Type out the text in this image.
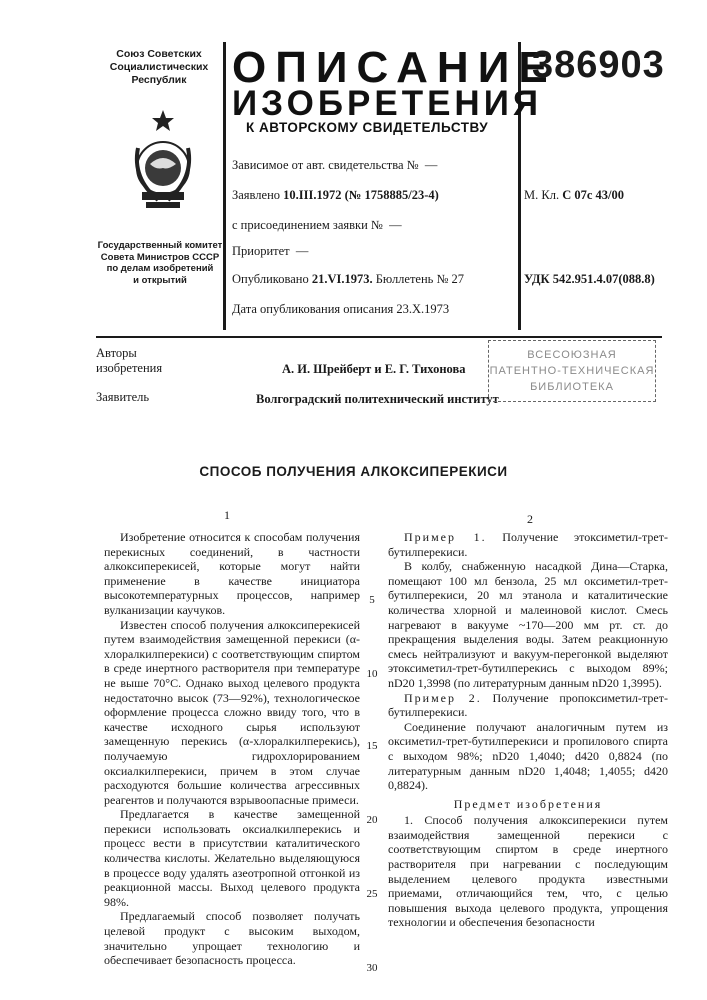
Союз Советских
Социалистических
Республик
Государственный комитет
Совета Министров СССР
по делам изобретений
и открытий
ОПИСАНИЕ
ИЗОБРЕТЕНИЯ
К АВТОРСКОМУ СВИДЕТЕЛЬСТВУ
386903
Зависимое от авт. свидетельства № —
Заявлено 10.III.1972 (№ 1758885/23-4)
с присоединением заявки № —
Приоритет —
Опубликовано 21.VI.1973. Бюллетень № 27
Дата опубликования описания 23.X.1973
М. Кл. С 07с 43/00
УДК 542.951.4.07(088.8)
Авторы
изобретения	А. И. Шрейберт и Е. Г. Тихонова
Заявитель	Волгоградский политехнический институт
ВСЕСОЮЗНАЯ
ПАТЕНТНО-ТЕХНИЧЕСКАЯ
БИБЛИОТЕКА
СПОСОБ ПОЛУЧЕНИЯ АЛКОКСИПЕРЕКИСИ
1	2

Изобретение относится к способам получения перекисных соединений, в частности алкоксиперекисей, которые могут найти применение в качестве инициатора высокотемпературных процессов, например вулканизации каучуков.

Известен способ получения алкоксиперекисей путем взаимодействия замещенной перекиси (α-хлоралкилперекиси) с соответствующим спиртом в среде инертного растворителя при температуре не выше 70°С. Однако выход целевого продукта недостаточно высок (73—92%), технологическое оформление процесса сложно ввиду того, что в качестве исходного сырья используют замещенную перекись (α-хлоралкилперекись), получаемую гидрохлорированием оксиалкилперекиси, причем в этом случае расходуются большие количества агрессивных реагентов и получаются взрывоопасные примеси.

Предлагается в качестве замещенной перекиси использовать оксиалкилперекись и процесс вести в присутствии каталитического количества кислоты. Желательно выделяющуюся в процессе воду удалять азеотропной отгонкой из реакционной массы. Выход целевого продукта 98%.

Предлагаемый способ позволяет получать целевой продукт с высоким выходом, значительно упрощает технологию и обеспечивает безопасность процесса.

5
10
15
20
25
30

Пример 1. Получение этоксиметил-трет-бутилперекиси.

В колбу, снабженную насадкой Дина—Старка, помещают 100 мл бензола, 25 мл оксиметил-трет-бутилперекиси, 20 мл этанола и каталитические количества хлорной и малеиновой кислот. Смесь нагревают в вакууме ~170—200 мм рт. ст. до прекращения выделения воды. Затем реакционную смесь нейтрализуют и вакуум-перегонкой выделяют этоксиметил-трет-бутилперекись с выходом 89%; nD20 1,3998 (по литературным данным nD20 1,3995).

Пример 2. Получение пропоксиметил-трет-бутилперекиси.

Соединение получают аналогичным путем из оксиметил-трет-бутилперекиси и пропилового спирта с выходом 98%; nD20 1,4040; d420 0,8824 (по литературным данным nD20 1,4048; 1,4055; d420 0,8824).

Предмет изобретения

1. Способ получения алкоксиперекиси путем взаимодействия замещенной перекиси с соответствующим спиртом в среде инертного растворителя при нагревании с последующим выделением целевого продукта известными приемами, отличающийся тем, что, с целью повышения выхода целевого продукта, упрощения технологии и обеспечения безопасности
